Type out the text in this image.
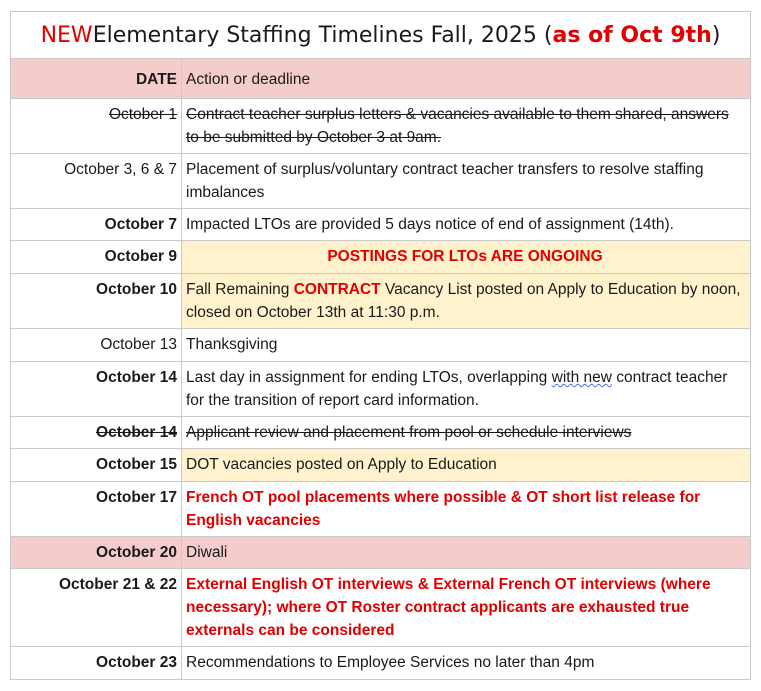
NEW Elementary Staffing Timelines Fall, 2025 ( as of Oct 9th )
DATE Action or deadline
October 1 Contract teacher surplus letters & vacancies available to them shared, answers to be submitted by October 3 at 9am.
October 3, 6 & 7 Placement of surplus/voluntary contract teacher transfers to resolve staffing imbalances
October 7 Impacted LTOs are provided 5 days notice of end of assignment (14th).
October 9	POSTINGS FOR LTOs ARE ONGOING
October 10 Fall Remaining CONTRACT Vacancy List posted on Apply to Education by noon, closed on October 13th at 11:30 p.m.
October 13 Thanksgiving
October 14 Last day in assignment for ending LTOs, overlapping with new contract teacher for the transition of report card information.
October 14 Applicant review and placement from pool or schedule interviews
October 15 DOT vacancies posted on Apply to Education
October 17 French OT pool placements where possible & OT short list release for English vacancies
October 20 Diwali
October 21 & 22 External English OT interviews & External French OT interviews (where necessary); where OT Roster contract applicants are exhausted true externals can be considered
October 23 Recommendations to Employee Services no later than 4pm
